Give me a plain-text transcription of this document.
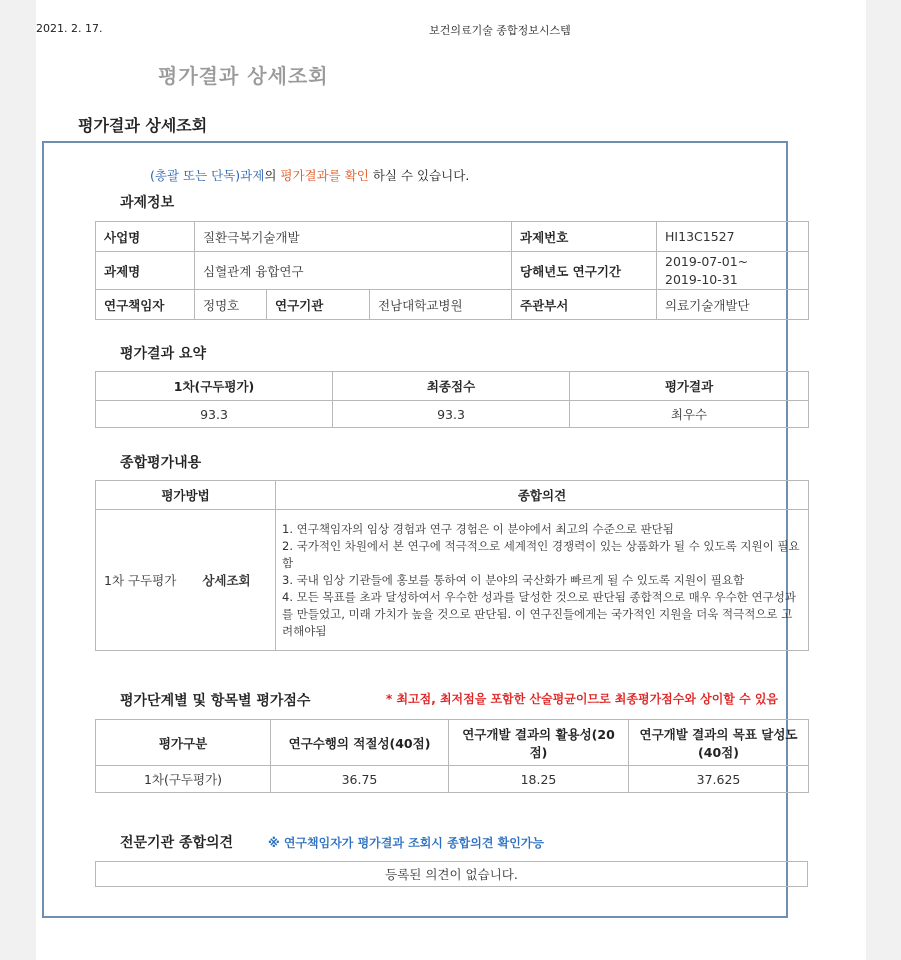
2021. 2. 17.	보건의료기술 종합정보시스템
평가결과 상세조회
평가결과 상세조회
(총괄 또는 단독)과제의 평가결과를 확인 하실 수 있습니다.
과제정보
사업명	질환극복기술개발			과제번호	HI13C1527
과제명	심혈관계 융합연구			당해년도 연구기간	2019-07-01~
2019-10-31

연구책임자	정명호	연구기관	전남대학교병원	주관부서	의료기술개발단
평가결과 요약
1차(구두평가)	최종점수	평가결과
93.3	93.3	최우수
종합평가내용
평가방법	종합의견
1차 구두평가 상세조회	1. 연구책임자의 임상 경험과 연구 경험은 이 분야에서 최고의 수준으로 판단됨
2. 국가적인 차원에서 본 연구에 적극적으로 세계적인 경쟁력이 있는 상품화가 될 수 있도록 지원이 필요함
3. 국내 임상 기관들에 홍보를 통하여 이 분야의 국산화가 빠르게 될 수 있도록 지원이 필요함
4. 모든 목표를 초과 달성하여서 우수한 성과를 달성한 것으로 판단됨 종합적으로 매우 우수한 연구성과를 만들었고, 미래 가치가 높을 것으로 판단됨. 이 연구진들에게는 국가적인 지원을 더욱 적극적으로 고려해야됨
평가단계별 및 항목별 평가점수	* 최고점, 최저점을 포함한 산술평균이므로 최종평가점수와 상이할 수 있음
평가구분	연구수행의 적절성(40점)	연구개발 결과의 활용성(20점)	연구개발 결과의 목표 달성도(40점)
1차(구두평가)	36.75	18.25	37.625
전문기관 종합의견	※ 연구책임자가 평가결과 조회시 종합의견 확인가능
등록된 의견이 없습니다.
